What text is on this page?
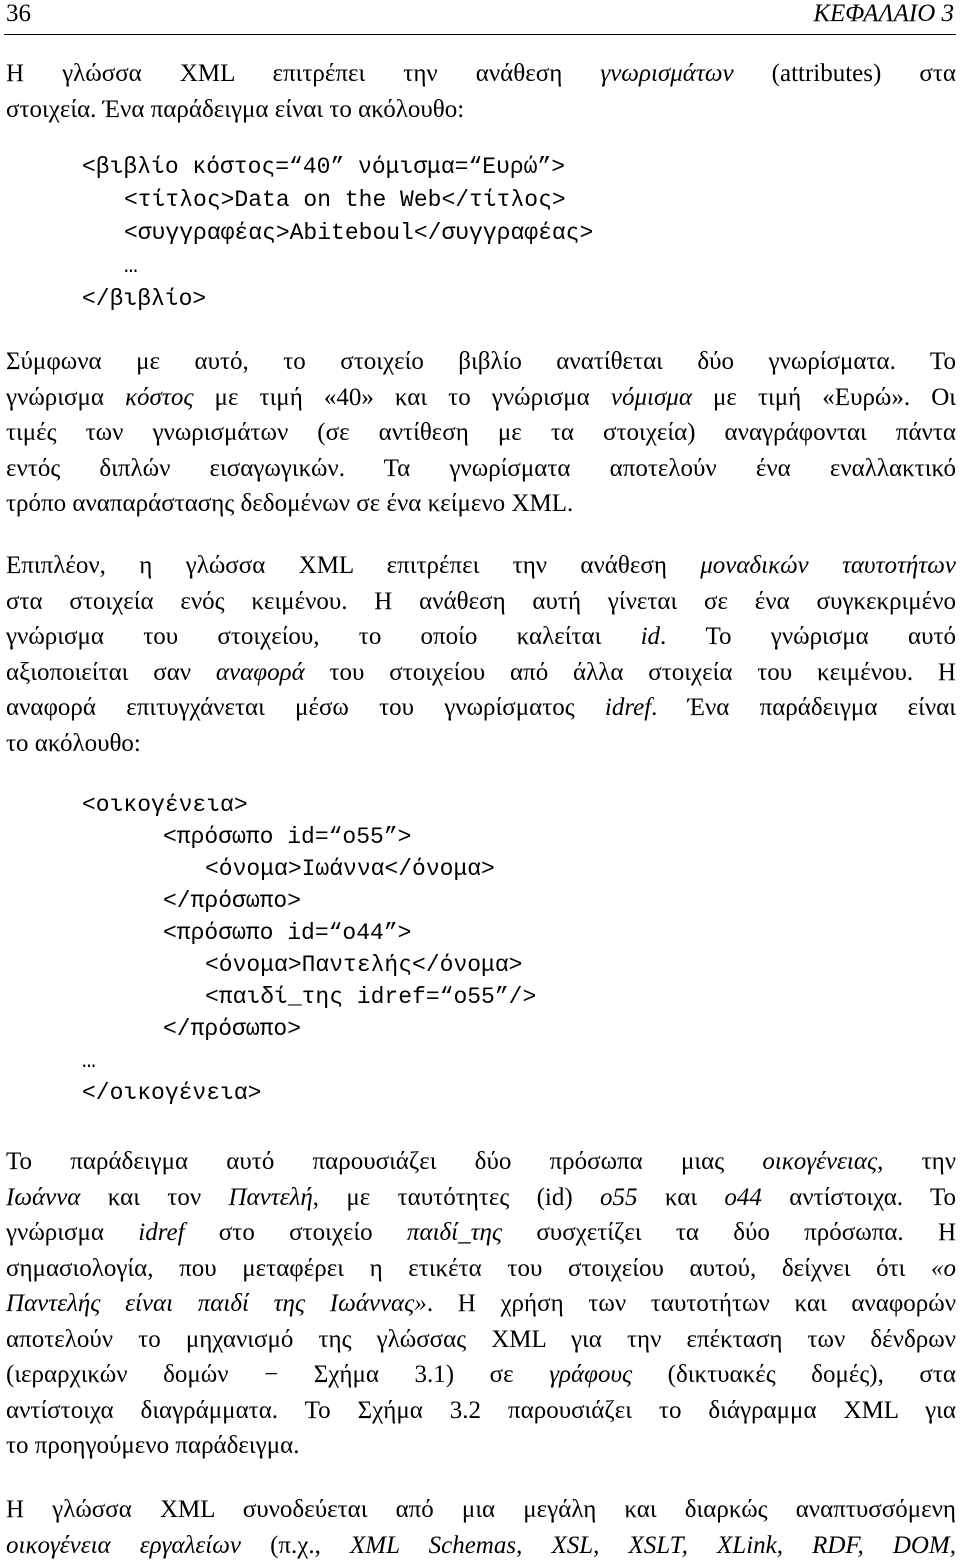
36	ΚΕΦΑΛΑΙΟ 3
Η γλώσσα XML επιτρέπει την ανάθεση γνωρισμάτων (attributes) στα
στοιχεία. Ένα παράδειγμα είναι το ακόλουθο:
<βιβλίο κόστος=“40” νόμισμα=“Ευρώ”>
<τίτλος>Data on the Web</τίτλος>
<συγγραφέας>Abiteboul</συγγραφέας>
…
</βιβλίο>
Σύμφωνα με αυτό, το στοιχείο βιβλίο ανατίθεται δύο γνωρίσματα. Το
γνώρισμα κόστος με τιμή «40» και το γνώρισμα νόμισμα με τιμή «Ευρώ». Οι
τιμές των γνωρισμάτων (σε αντίθεση με τα στοιχεία) αναγράφονται πάντα
εντός διπλών εισαγωγικών. Τα γνωρίσματα αποτελούν ένα εναλλακτικό
τρόπο αναπαράστασης δεδομένων σε ένα κείμενο XML.
Επιπλέον, η γλώσσα XML επιτρέπει την ανάθεση μοναδικών ταυτοτήτων
στα στοιχεία ενός κειμένου. Η ανάθεση αυτή γίνεται σε ένα συγκεκριμένο
γνώρισμα του στοιχείου, το οποίο καλείται id. Το γνώρισμα αυτό
αξιοποιείται σαν αναφορά του στοιχείου από άλλα στοιχεία του κειμένου. Η
αναφορά επιτυγχάνεται μέσω του γνωρίσματος idref. Ένα παράδειγμα είναι
το ακόλουθο:
<οικογένεια>
<πρόσωπο id=“o55”>
<όνομα>Ιωάννα</όνομα>
</πρόσωπο>
<πρόσωπο id=“o44”>
<όνομα>Παντελής</όνομα>
<παιδί_της idref=“o55”/>
</πρόσωπο>
…
</οικογένεια>
Το παράδειγμα αυτό παρουσιάζει δύο πρόσωπα μιας οικογένειας, την
Ιωάννα και τον Παντελή, με ταυτότητες (id) o55 και o44 αντίστοιχα. Το
γνώρισμα idref στο στοιχείο παιδί_της συσχετίζει τα δύο πρόσωπα. Η
σημασιολογία, που μεταφέρει η ετικέτα του στοιχείου αυτού, δείχνει ότι «ο
Παντελής είναι παιδί της Ιωάννας». Η χρήση των ταυτοτήτων και αναφορών
αποτελούν το μηχανισμό της γλώσσας XML για την επέκταση των δένδρων
(ιεραρχικών δομών − Σχήμα 3.1) σε γράφους (δικτυακές δομές), στα
αντίστοιχα διαγράμματα. Το Σχήμα 3.2 παρουσιάζει το διάγραμμα XML για
το προηγούμενο παράδειγμα.
Η γλώσσα XML συνοδεύεται από μια μεγάλη και διαρκώς αναπτυσσόμενη
οικογένεια εργαλείων (π.χ., XML Schemas, XSL, XSLT, XLink, RDF, DOM,
